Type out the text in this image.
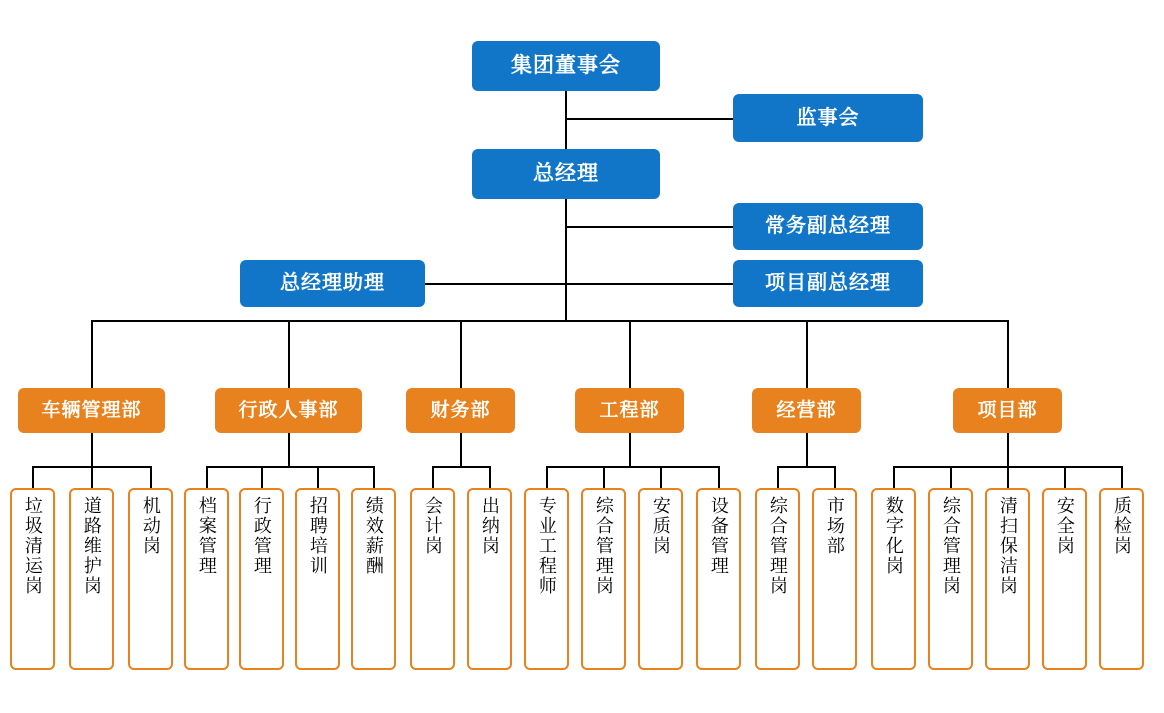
集团董事会
监事会
总经理
常务副总经理
项目副总经理
总经理助理
车辆管理部	行政人事部	财务部	工程部	经营部	项目部
垃圾清运岗	道路维护岗	机动岗	档案管理	行政管理	招聘培训	绩效薪酬	会计岗	出纳岗	专业工程师	综合管理岗	安质岗	设备管理	综合管理岗	市场部	数字化岗	综合管理岗	清扫保洁岗	安全岗	质检岗
